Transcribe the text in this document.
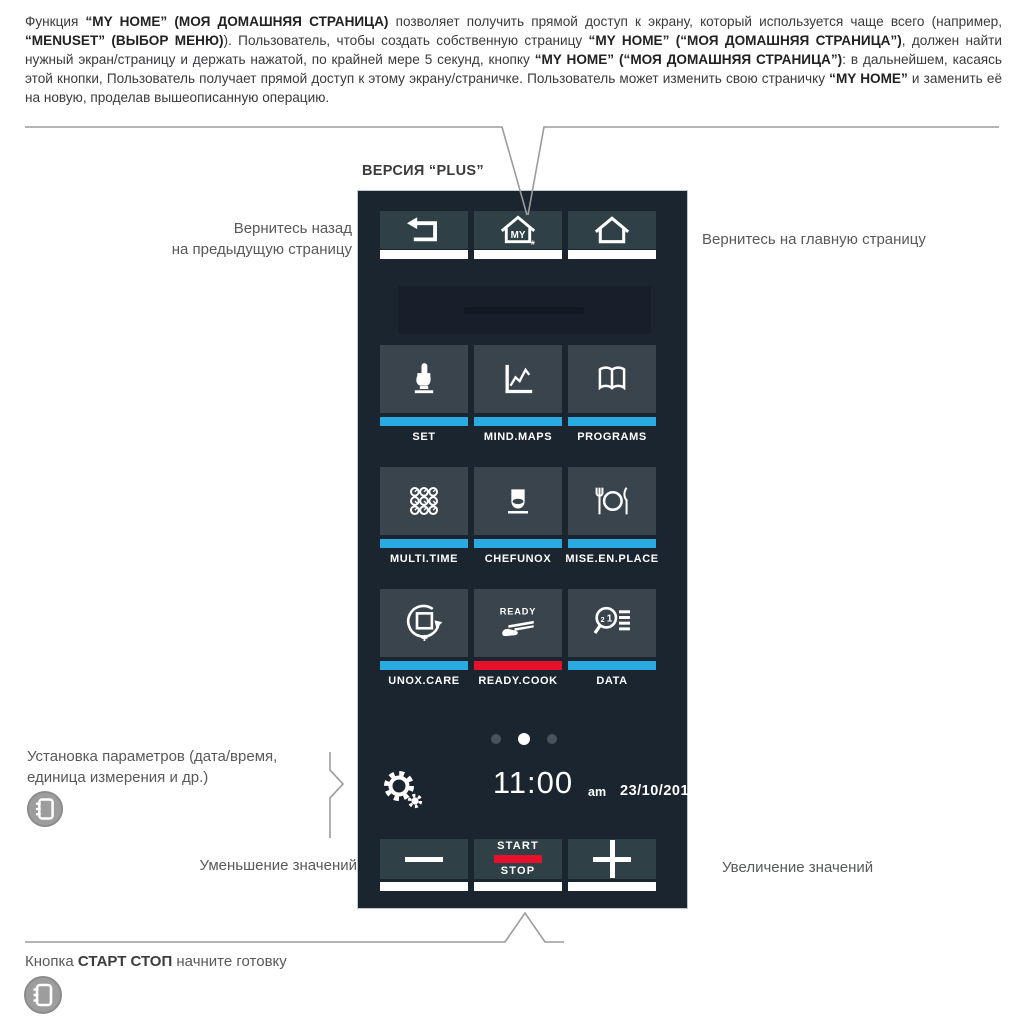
Функция “MY HOME” (МОЯ ДОМАШНЯЯ СТРАНИЦА) позволяет получить прямой доступ к экрану, который используется чаще всего (например, “MENUSET” (ВЫБОР МЕНЮ)). Пользователь, чтобы создать собственную страницу “MY HOME” (“МОЯ ДОМАШНЯЯ СТРАНИЦА”), должен найти нужный экран/страницу и держать нажатой, по крайней мере 5 секунд, кнопку “MY HOME” (“МОЯ ДОМАШНЯЯ СТРАНИЦА”): в дальнейшем, касаясь этой кнопки, Пользователь получает прямой доступ к этому экрану/страничке. Пользователь может изменить свою страничку “MY HOME” и заменить её на новую, проделав вышеописанную операцию.

ВЕРСИЯ “PLUS”
MY
*
SET	MIND.MAPS	PROGRAMS
MULTI.TIME	CHEFUNOX	MISE.EN.PLACE
UNOX.CARE
READY
READY.COOK
2 1
DATA
11:00	am 23/10/2014
START
STOP
Вернитесь назад
на предыдущую страницу
Вернитесь на главную страницу
Установка параметров (дата/время,
единица измерения и др.)
Уменьшение значений	Увеличение значений
Кнопка СТАРТ СТОП начните готовку
